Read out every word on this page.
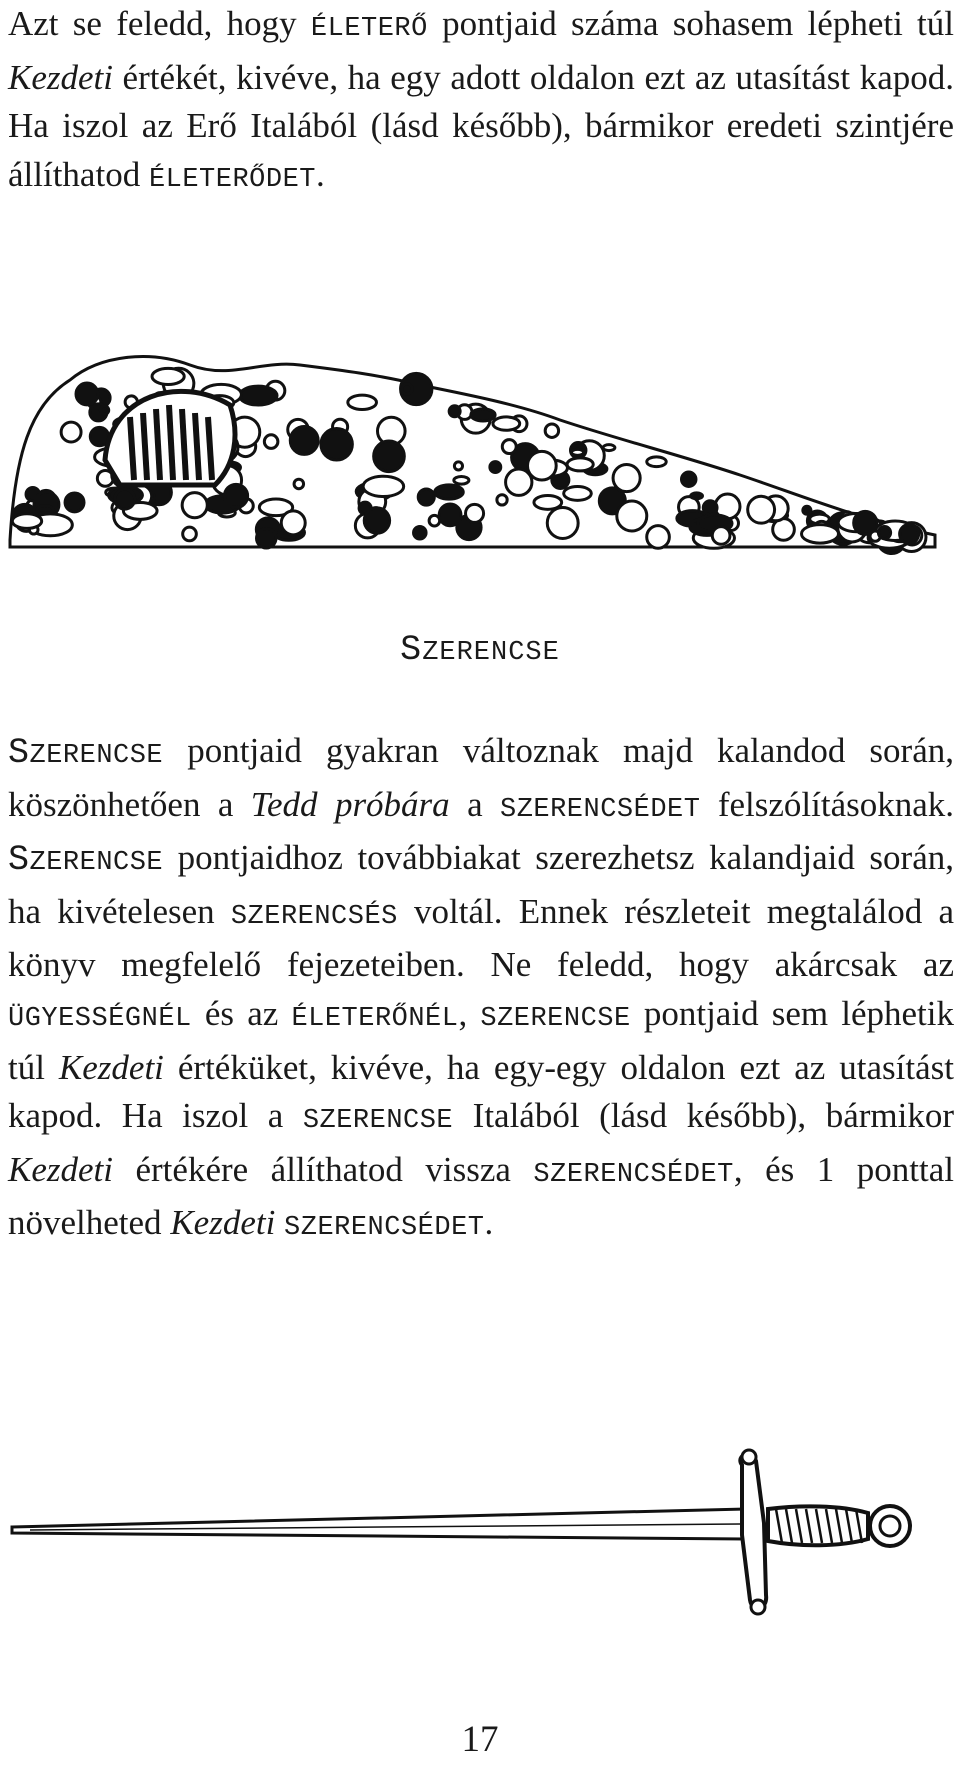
Azt se feledd, hogy ÉLETERŐ pontjaid száma sohasem lépheti túl Kezdeti értékét, kivéve, ha egy adott oldalon ezt az utasítást kapod. Ha iszol az Erő Italából (lásd később), bármikor eredeti szintjére állíthatod ÉLETERŐDET.

SZERENCSE

SZERENCSE pontjaid gyakran változnak majd kalandod során, köszönhetően a Tedd próbára a SZERENCSÉDET felszólításoknak. SZERENCSE pontjaidhoz továbbiakat szerezhetsz kalandjaid során, ha kivételesen SZERENCSÉS voltál. Ennek részleteit megtalálod a könyv megfelelő fejezeteiben. Ne feledd, hogy akárcsak az ÜGYESSÉGNÉL és az ÉLETERŐNÉL, SZERENCSE pontjaid sem léphetik túl Kezdeti értéküket, kivéve, ha egy-egy oldalon ezt az utasítást kapod. Ha iszol a SZERENCSE Italából (lásd később), bármikor Kezdeti értékére állíthatod vissza SZERENCSÉDET, és 1 ponttal növelheted Kezdeti SZERENCSÉDET.

17
